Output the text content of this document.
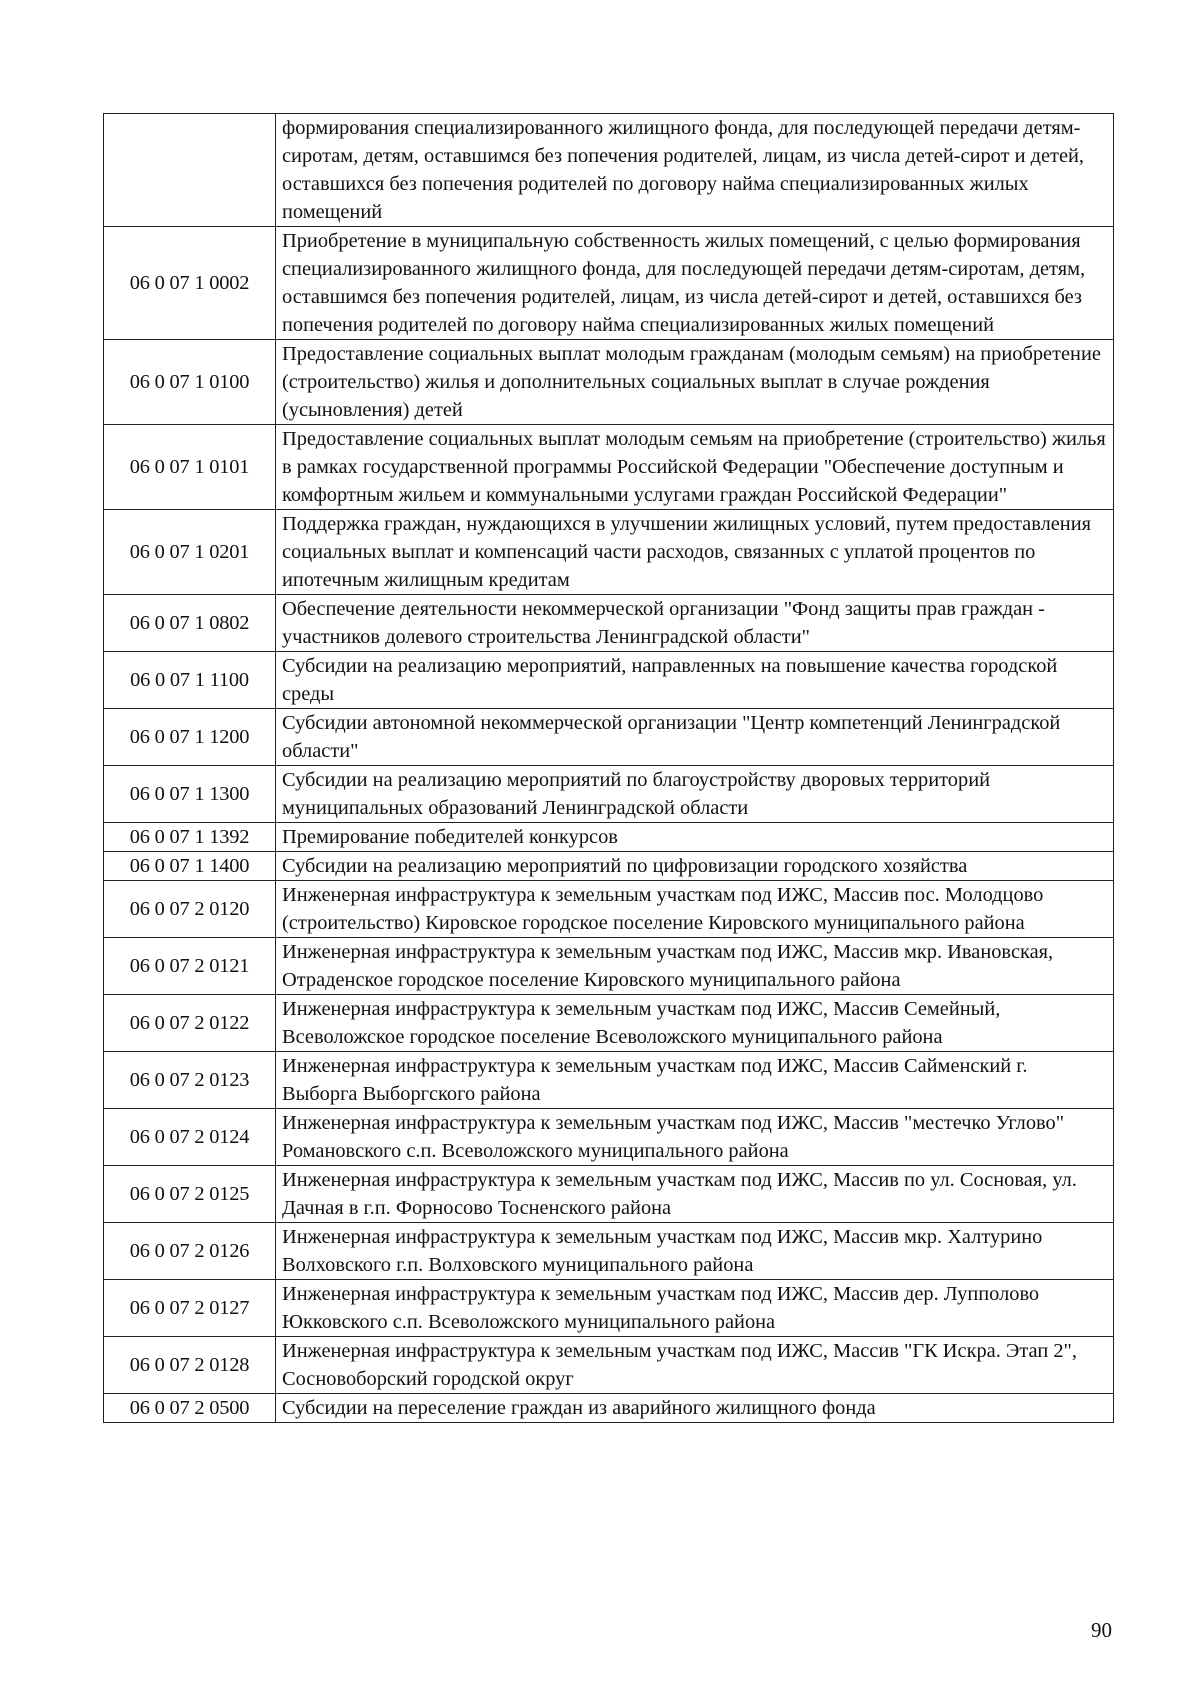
	формирования специализированного жилищного фонда, для последующей передачи детям-сиротам, детям, оставшимся без попечения родителей, лицам, из числа детей-сирот и детей, оставшихся без попечения родителей по договору найма специализированных жилых помещений
06 0 07 1 0002	Приобретение в муниципальную собственность жилых помещений, с целью формирования специализированного жилищного фонда, для последующей передачи детям-сиротам, детям, оставшимся без попечения родителей, лицам, из числа детей-сирот и детей, оставшихся без попечения родителей по договору найма специализированных жилых помещений
06 0 07 1 0100	Предоставление социальных выплат молодым гражданам (молодым семьям) на приобретение (строительство) жилья и дополнительных социальных выплат в случае рождения (усыновления) детей
06 0 07 1 0101	Предоставление социальных выплат молодым семьям на приобретение (строительство) жилья в рамках государственной программы Российской Федерации "Обеспечение доступным и комфортным жильем и коммунальными услугами граждан Российской Федерации"
06 0 07 1 0201	Поддержка граждан, нуждающихся в улучшении жилищных условий, путем предоставления социальных выплат и компенсаций части расходов, связанных с уплатой процентов по ипотечным жилищным кредитам
06 0 07 1 0802	Обеспечение деятельности некоммерческой организации "Фонд защиты прав граждан - участников долевого строительства Ленинградской области"
06 0 07 1 1100	Субсидии на реализацию мероприятий, направленных на повышение качества городской среды
06 0 07 1 1200	Субсидии автономной некоммерческой организации "Центр компетенций Ленинградской области"
06 0 07 1 1300	Субсидии на реализацию мероприятий по благоустройству дворовых территорий муниципальных образований Ленинградской области
06 0 07 1 1392	Премирование победителей конкурсов
06 0 07 1 1400	Субсидии на реализацию мероприятий по цифровизации городского хозяйства
06 0 07 2 0120	Инженерная инфраструктура к земельным участкам под ИЖС, Массив пос. Молодцово (строительство) Кировское городское поселение Кировского муниципального района
06 0 07 2 0121	Инженерная инфраструктура к земельным участкам под ИЖС, Массив мкр. Ивановская, Отраденское городское поселение Кировского муниципального района
06 0 07 2 0122	Инженерная инфраструктура к земельным участкам под ИЖС, Массив Семейный, Всеволожское городское поселение Всеволожского муниципального района
06 0 07 2 0123	Инженерная инфраструктура к земельным участкам под ИЖС, Массив Сайменский г. Выборга Выборгского района
06 0 07 2 0124	Инженерная инфраструктура к земельным участкам под ИЖС, Массив "местечко Углово" Романовского с.п. Всеволожского муниципального района
06 0 07 2 0125	Инженерная инфраструктура к земельным участкам под ИЖС, Массив по ул. Сосновая, ул. Дачная в г.п. Форносово Тосненского района
06 0 07 2 0126	Инженерная инфраструктура к земельным участкам под ИЖС, Массив мкр. Халтурино Волховского г.п. Волховского муниципального района
06 0 07 2 0127	Инженерная инфраструктура к земельным участкам под ИЖС, Массив дер. Лупполово Юкковского с.п. Всеволожского муниципального района
06 0 07 2 0128	Инженерная инфраструктура к земельным участкам под ИЖС, Массив "ГК Искра. Этап 2", Сосновоборский городской округ
06 0 07 2 0500	Субсидии на переселение граждан из аварийного жилищного фонда
90
